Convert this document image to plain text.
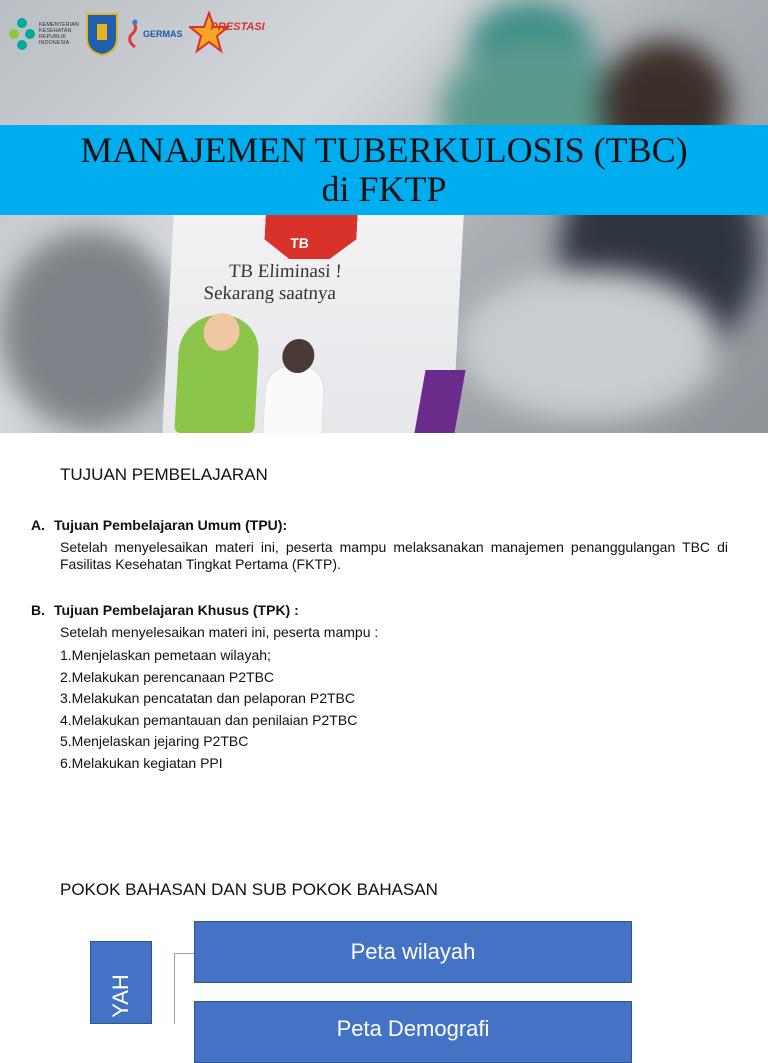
KEMENTERIAN KESEHATAN REPUBLIK INDONESIA
GERMAS
PRESTASI
TB
TB Eliminasi !
Sekarang saatnya
MANAJEMEN TUBERKULOSIS (TBC)
di FKTP
TUJUAN PEMBELAJARAN
A. Tujuan Pembelajaran Umum (TPU):
Setelah menyelesaikan materi ini, peserta mampu melaksanakan manajemen penanggulangan TBC di Fasilitas Kesehatan Tingkat Pertama (FKTP).
B. Tujuan Pembelajaran Khusus (TPK) :
Setelah menyelesaikan materi ini, peserta mampu :
1.Menjelaskan pemetaan wilayah;
2.Melakukan perencanaan P2TBC
3.Melakukan pencatatan dan pelaporan P2TBC
4.Melakukan pemantauan dan penilaian P2TBC
5.Menjelaskan jejaring P2TBC
6.Melakukan kegiatan PPI
POKOK BAHASAN DAN SUB POKOK BAHASAN
YAH
Peta wilayah
Peta Demografi
